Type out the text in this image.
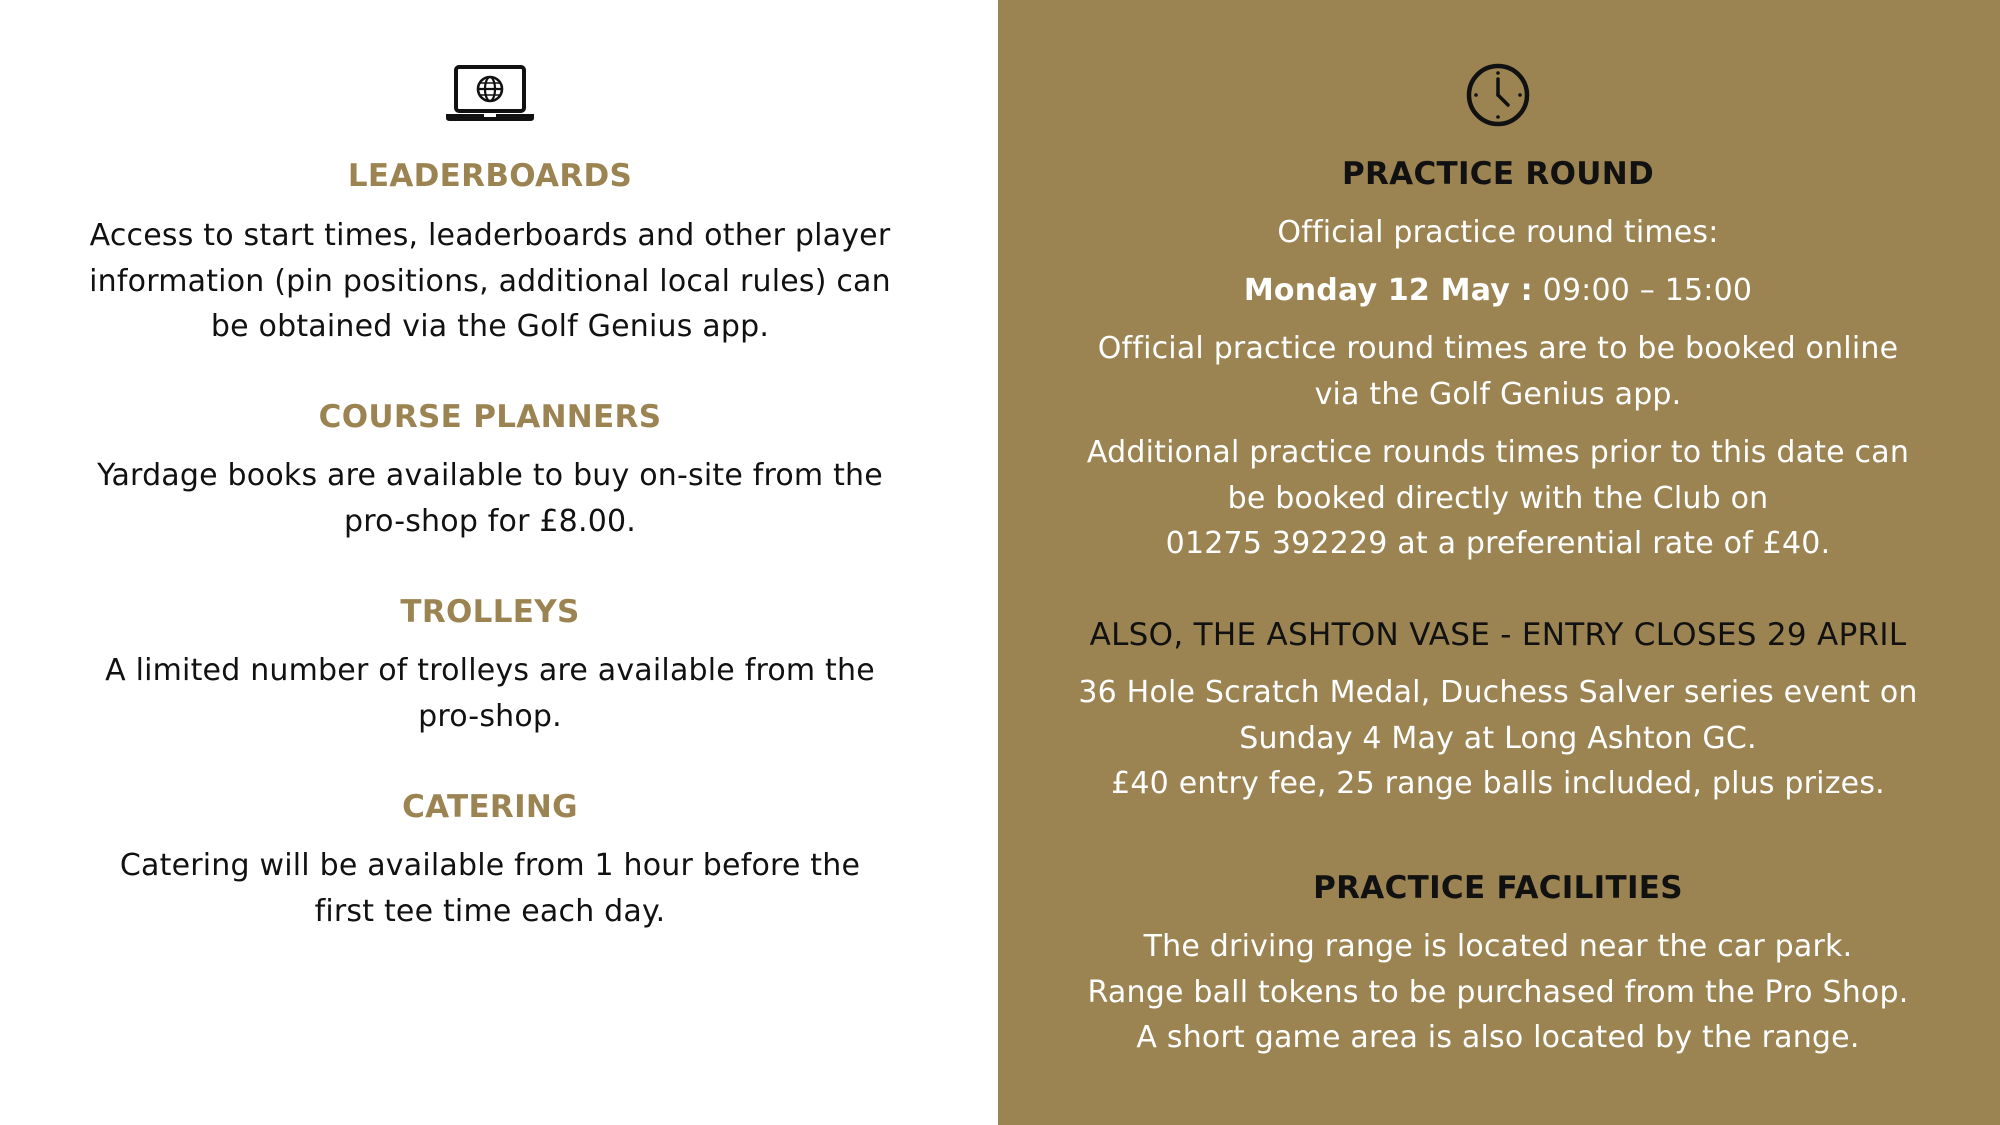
LEADERBOARDS
Access to start times, leaderboards and other player
information (pin positions, additional local rules) can
be obtained via the Golf Genius app.
COURSE PLANNERS
Yardage books are available to buy on-site from the
pro-shop for £8.00.
TROLLEYS
A limited number of trolleys are available from the
pro-shop.
CATERING
Catering will be available from 1 hour before the
first tee time each day.
PRACTICE ROUND
Official practice round times:
Monday 12 May : 09:00 – 15:00
Official practice round times are to be booked online
via the Golf Genius app.
Additional practice rounds times prior to this date can
be booked directly with the Club on
01275 392229 at a preferential rate of £40.
ALSO, THE ASHTON VASE - ENTRY CLOSES 29 APRIL
36 Hole Scratch Medal, Duchess Salver series event on
Sunday 4 May at Long Ashton GC.
£40 entry fee, 25 range balls included, plus prizes.
PRACTICE FACILITIES
The driving range is located near the car park.
Range ball tokens to be purchased from the Pro Shop.
A short game area is also located by the range.
